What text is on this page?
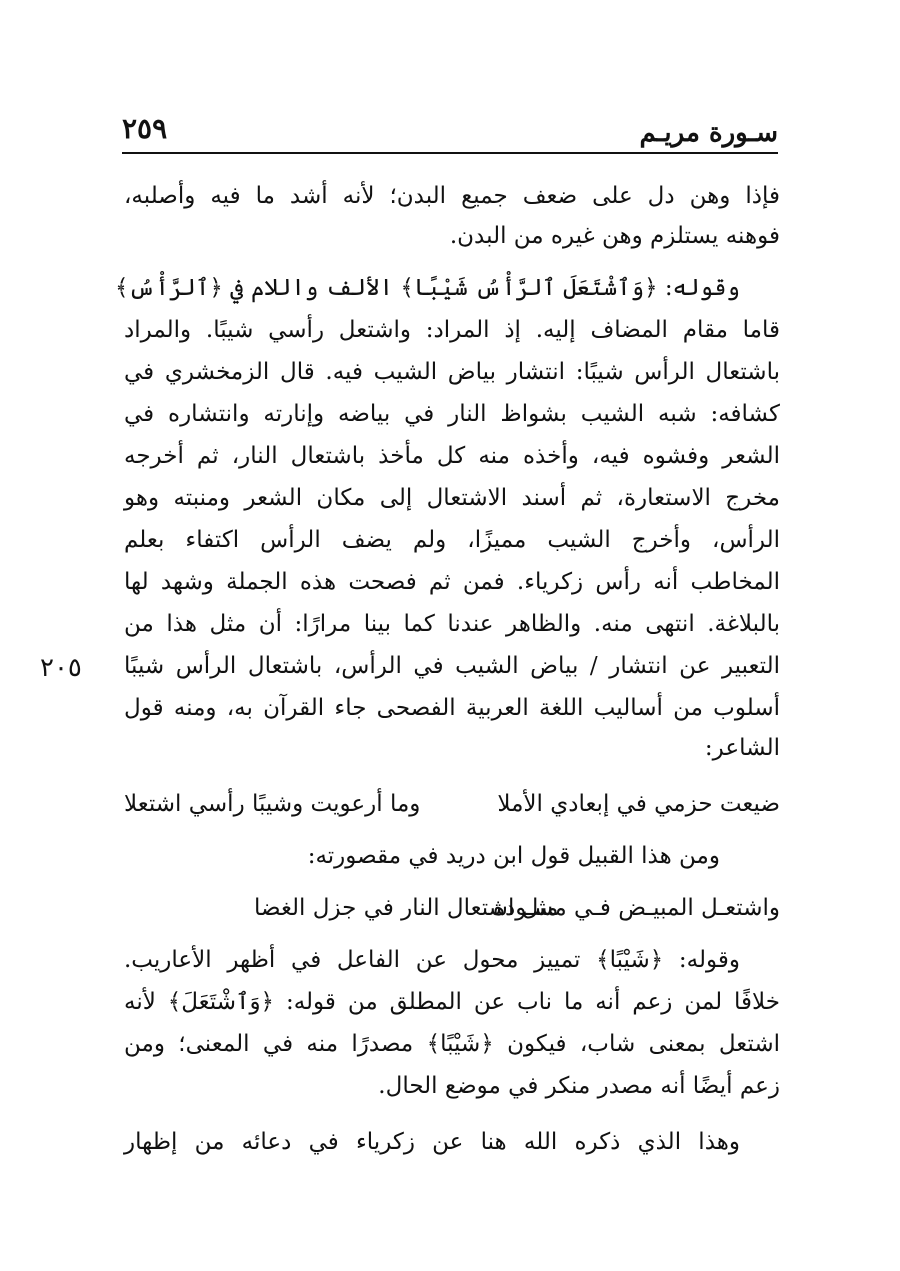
سـورة مريـم
٢٥٩
فإذا وهن دل على ضعف جميع البدن؛ لأنه أشد ما فيه وأصلبه،
فوهنه يستلزم وهن غيره من البدن.
وقوله: ﴿وَٱشْتَعَلَ ٱلرَّأْسُ شَيْبًا﴾ الألف واللام في ﴿ٱلرَّأْسُ﴾
قاما مقام المضاف إليه. إذ المراد: واشتعل رأسي شيبًا. والمراد
باشتعال الرأس شيبًا: انتشار بياض الشيب فيه. قال الزمخشري في
كشافه: شبه الشيب بشواظ النار في بياضه وإنارته وانتشاره في
الشعر وفشوه فيه، وأخذه منه كل مأخذ باشتعال النار، ثم أخرجه
مخرج الاستعارة، ثم أسند الاشتعال إلى مكان الشعر ومنبته وهو
الرأس، وأخرج الشيب مميزًا، ولم يضف الرأس اكتفاء بعلم
المخاطب أنه رأس زكرياء. فمن ثم فصحت هذه الجملة وشهد لها
بالبلاغة. انتهى منه. والظاهر عندنا كما بينا مرارًا: أن مثل هذا من
التعبير عن انتشار / بياض الشيب في الرأس، باشتعال الرأس شيبًا
أسلوب من أساليب اللغة العربية الفصحى جاء القرآن به، ومنه قول
الشاعر:
٢٠٥
ضيعت حزمي في إبعادي الأملا
وما أرعويت وشيبًا رأسي اشتعلا
ومن هذا القبيل قول ابن دريد في مقصورته:
واشتعـل المبيـض فـي مسـوده
مثل اشتعال النار في جزل الغضا
وقوله: ﴿شَيْبًا﴾ تمييز محول عن الفاعل في أظهر الأعاريب.
خلافًا لمن زعم أنه ما ناب عن المطلق من قوله: ﴿وَٱشْتَعَلَ﴾ لأنه
اشتعل بمعنى شاب، فيكون ﴿شَيْبًا﴾ مصدرًا منه في المعنى؛ ومن
زعم أيضًا أنه مصدر منكر في موضع الحال.
وهذا الذي ذكره الله هنا عن زكرياء في دعائه من إظهار
